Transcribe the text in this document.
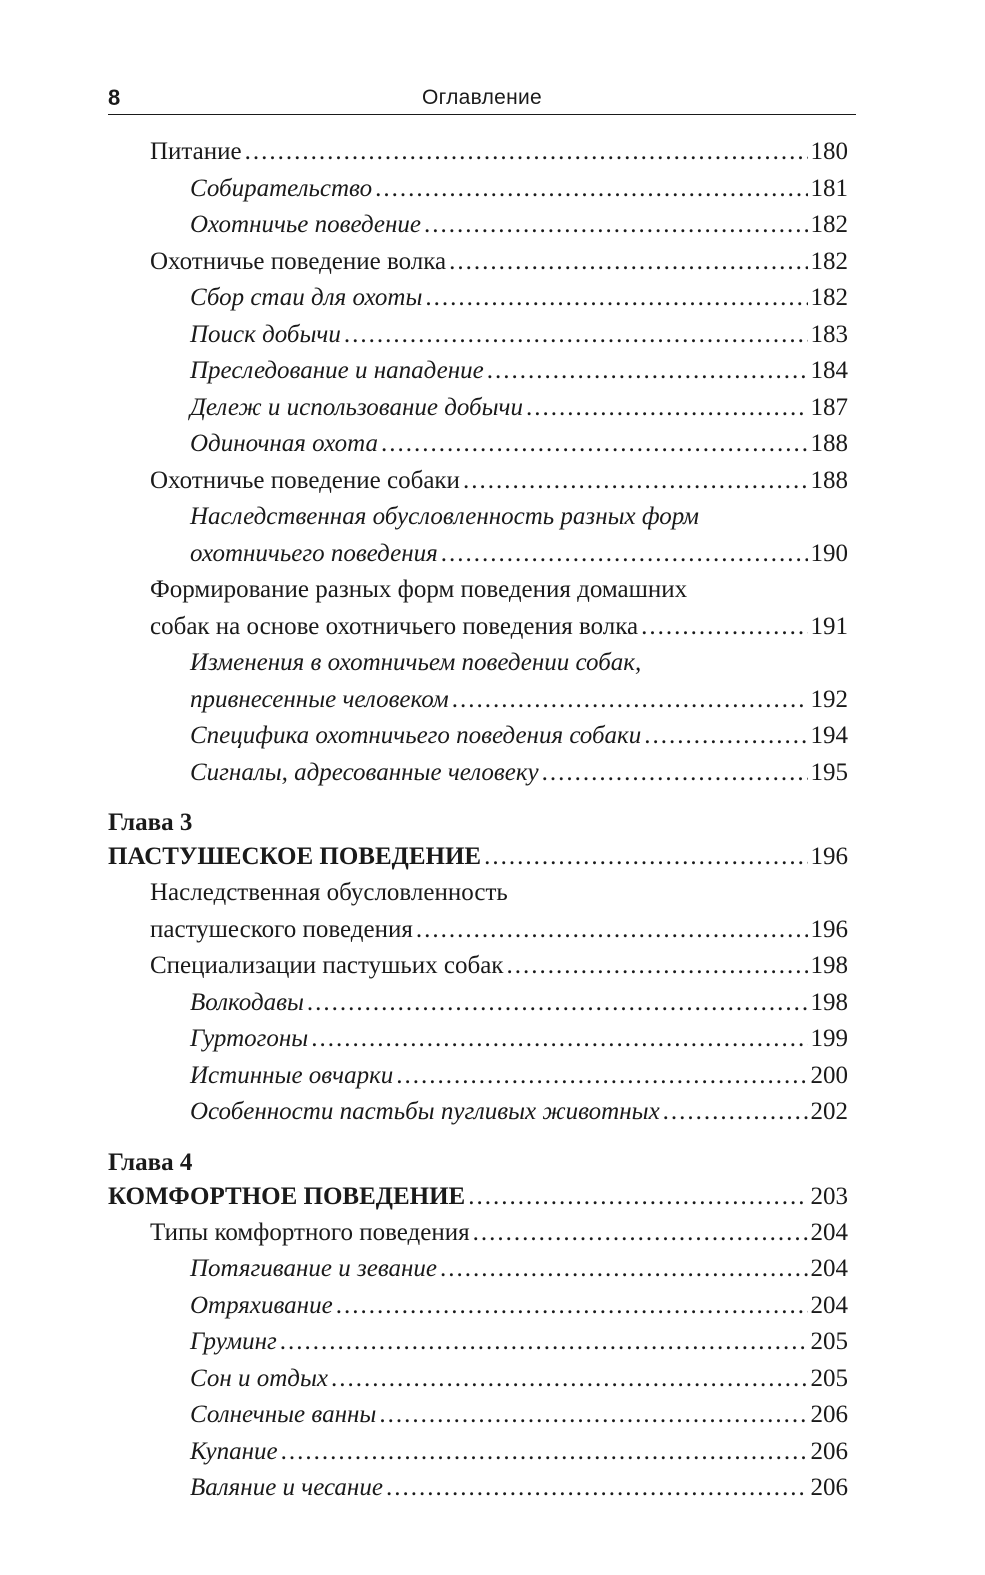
8	Оглавление
Питание .....	180
Собирательство .....	181
Охотничье поведение .....	182
Охотничье поведение волка .....	182
Сбор стаи для охоты .....	182
Поиск добычи .....	183
Преследование и нападение .....	184
Дележ и использование добычи .....	187
Одиночная охота .....	188
Охотничье поведение собаки .....	188
Наследственная обусловленность разных форм
охотничьего поведения .....	190
Формирование разных форм поведения домашних
собак на основе охотничьего поведения волка .....	191
Изменения в охотничьем поведении собак,
привнесенные человеком .....	192
Специфика охотничьего поведения собаки .....	194
Сигналы, адресованные человеку .....	195
Глава 3
ПАСТУШЕСКОЕ ПОВЕДЕНИЕ .....	196
Наследственная обусловленность
пастушеского поведения .....	196
Специализации пастушьих собак .....	198
Волкодавы .....	198
Гуртогоны .....	199
Истинные овчарки .....	200
Особенности пастьбы пугливых животных .....	202
Глава 4
КОМФОРТНОЕ ПОВЕДЕНИЕ .....	203
Типы комфортного поведения .....	204
Потягивание и зевание .....	204
Отряхивание .....	204
Груминг .....	205
Сон и отдых .....	205
Солнечные ванны .....	206
Купание .....	206
Валяние и чесание .....	206
